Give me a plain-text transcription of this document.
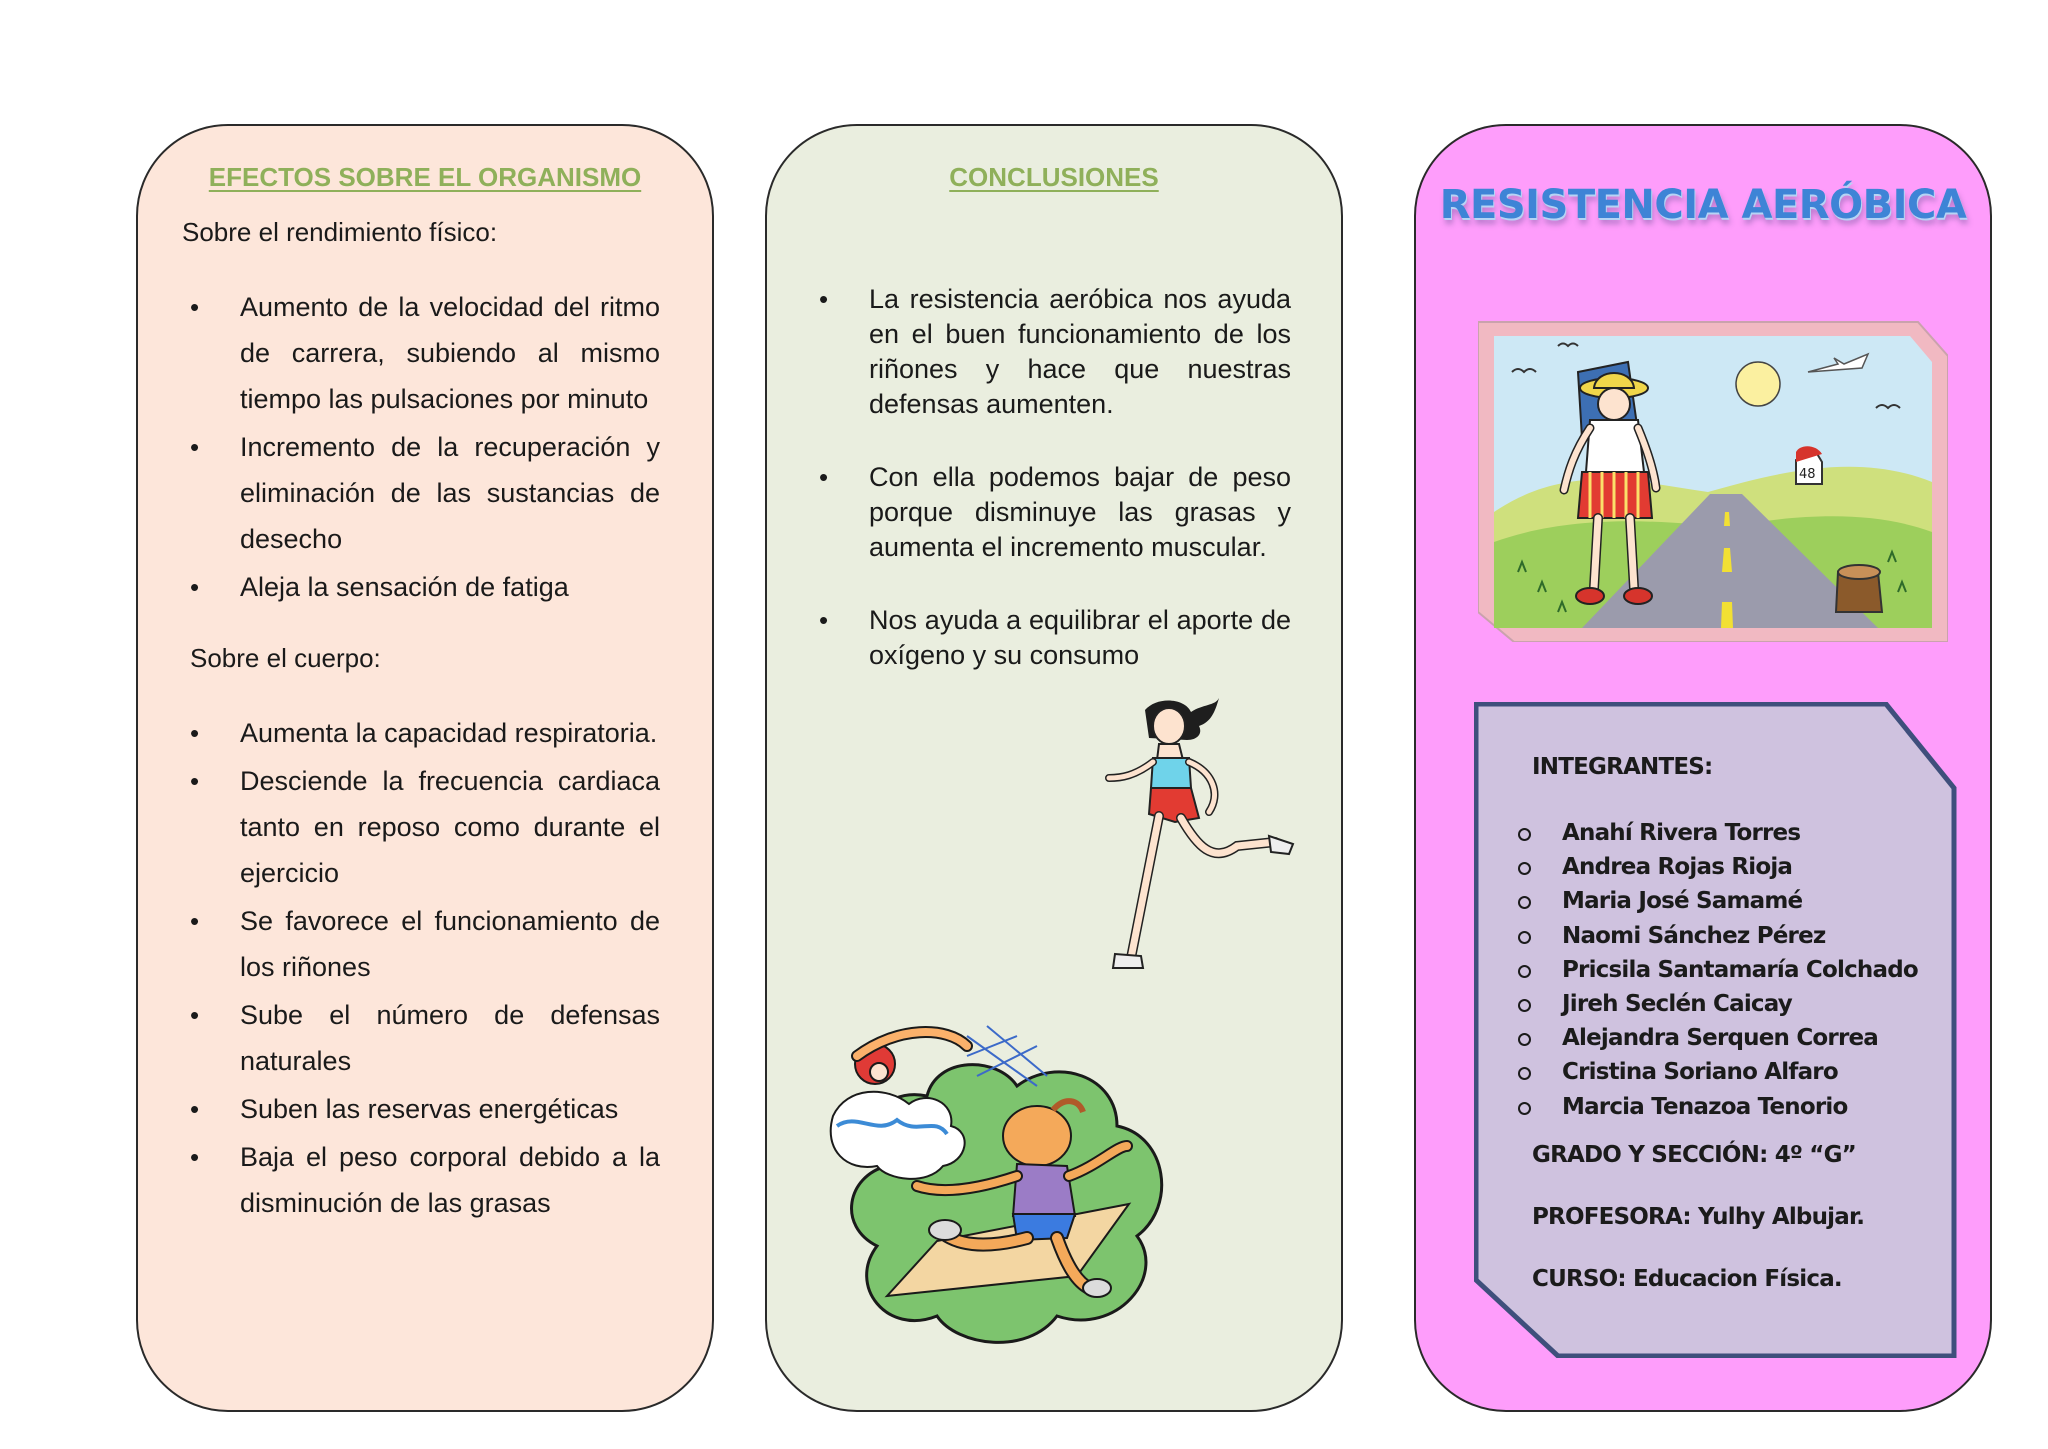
EFECTOS SOBRE EL ORGANISMO

Sobre el rendimiento físico:

• Aumento de la velocidad del ritmo de carrera, subiendo al mismo tiempo las pulsaciones por minuto
• Incremento de la recuperación y eliminación de las sustancias de desecho
• Aleja la sensación de fatiga

Sobre el cuerpo:

• Aumenta la capacidad respiratoria.
• Desciende la frecuencia cardiaca tanto en reposo como durante el ejercicio
• Se favorece el funcionamiento de los riñones
• Sube el número de defensas naturales
• Suben las reservas energéticas
• Baja el peso corporal debido a la disminución de las grasas
CONCLUSIONES
• La resistencia aeróbica nos ayuda en el buen funcionamiento de los riñones y hace que nuestras defensas aumenten.
• Con ella podemos bajar de peso porque disminuye las grasas y aumenta el incremento muscular.
• Nos ayuda a equilibrar el aporte de oxígeno y su consumo
RESISTENCIA AERÓBICA
48
INTEGRANTES:
Anahí Rivera Torres
Andrea Rojas Rioja
Maria José Samamé
Naomi Sánchez Pérez
Pricsila Santamaría Colchado
Jireh Seclén Caicay
Alejandra Serquen Correa
Cristina Soriano Alfaro
Marcia Tenazoa Tenorio
GRADO Y SECCIÓN: 4º “G”
PROFESORA: Yulhy Albujar.
CURSO: Educacion Física.
